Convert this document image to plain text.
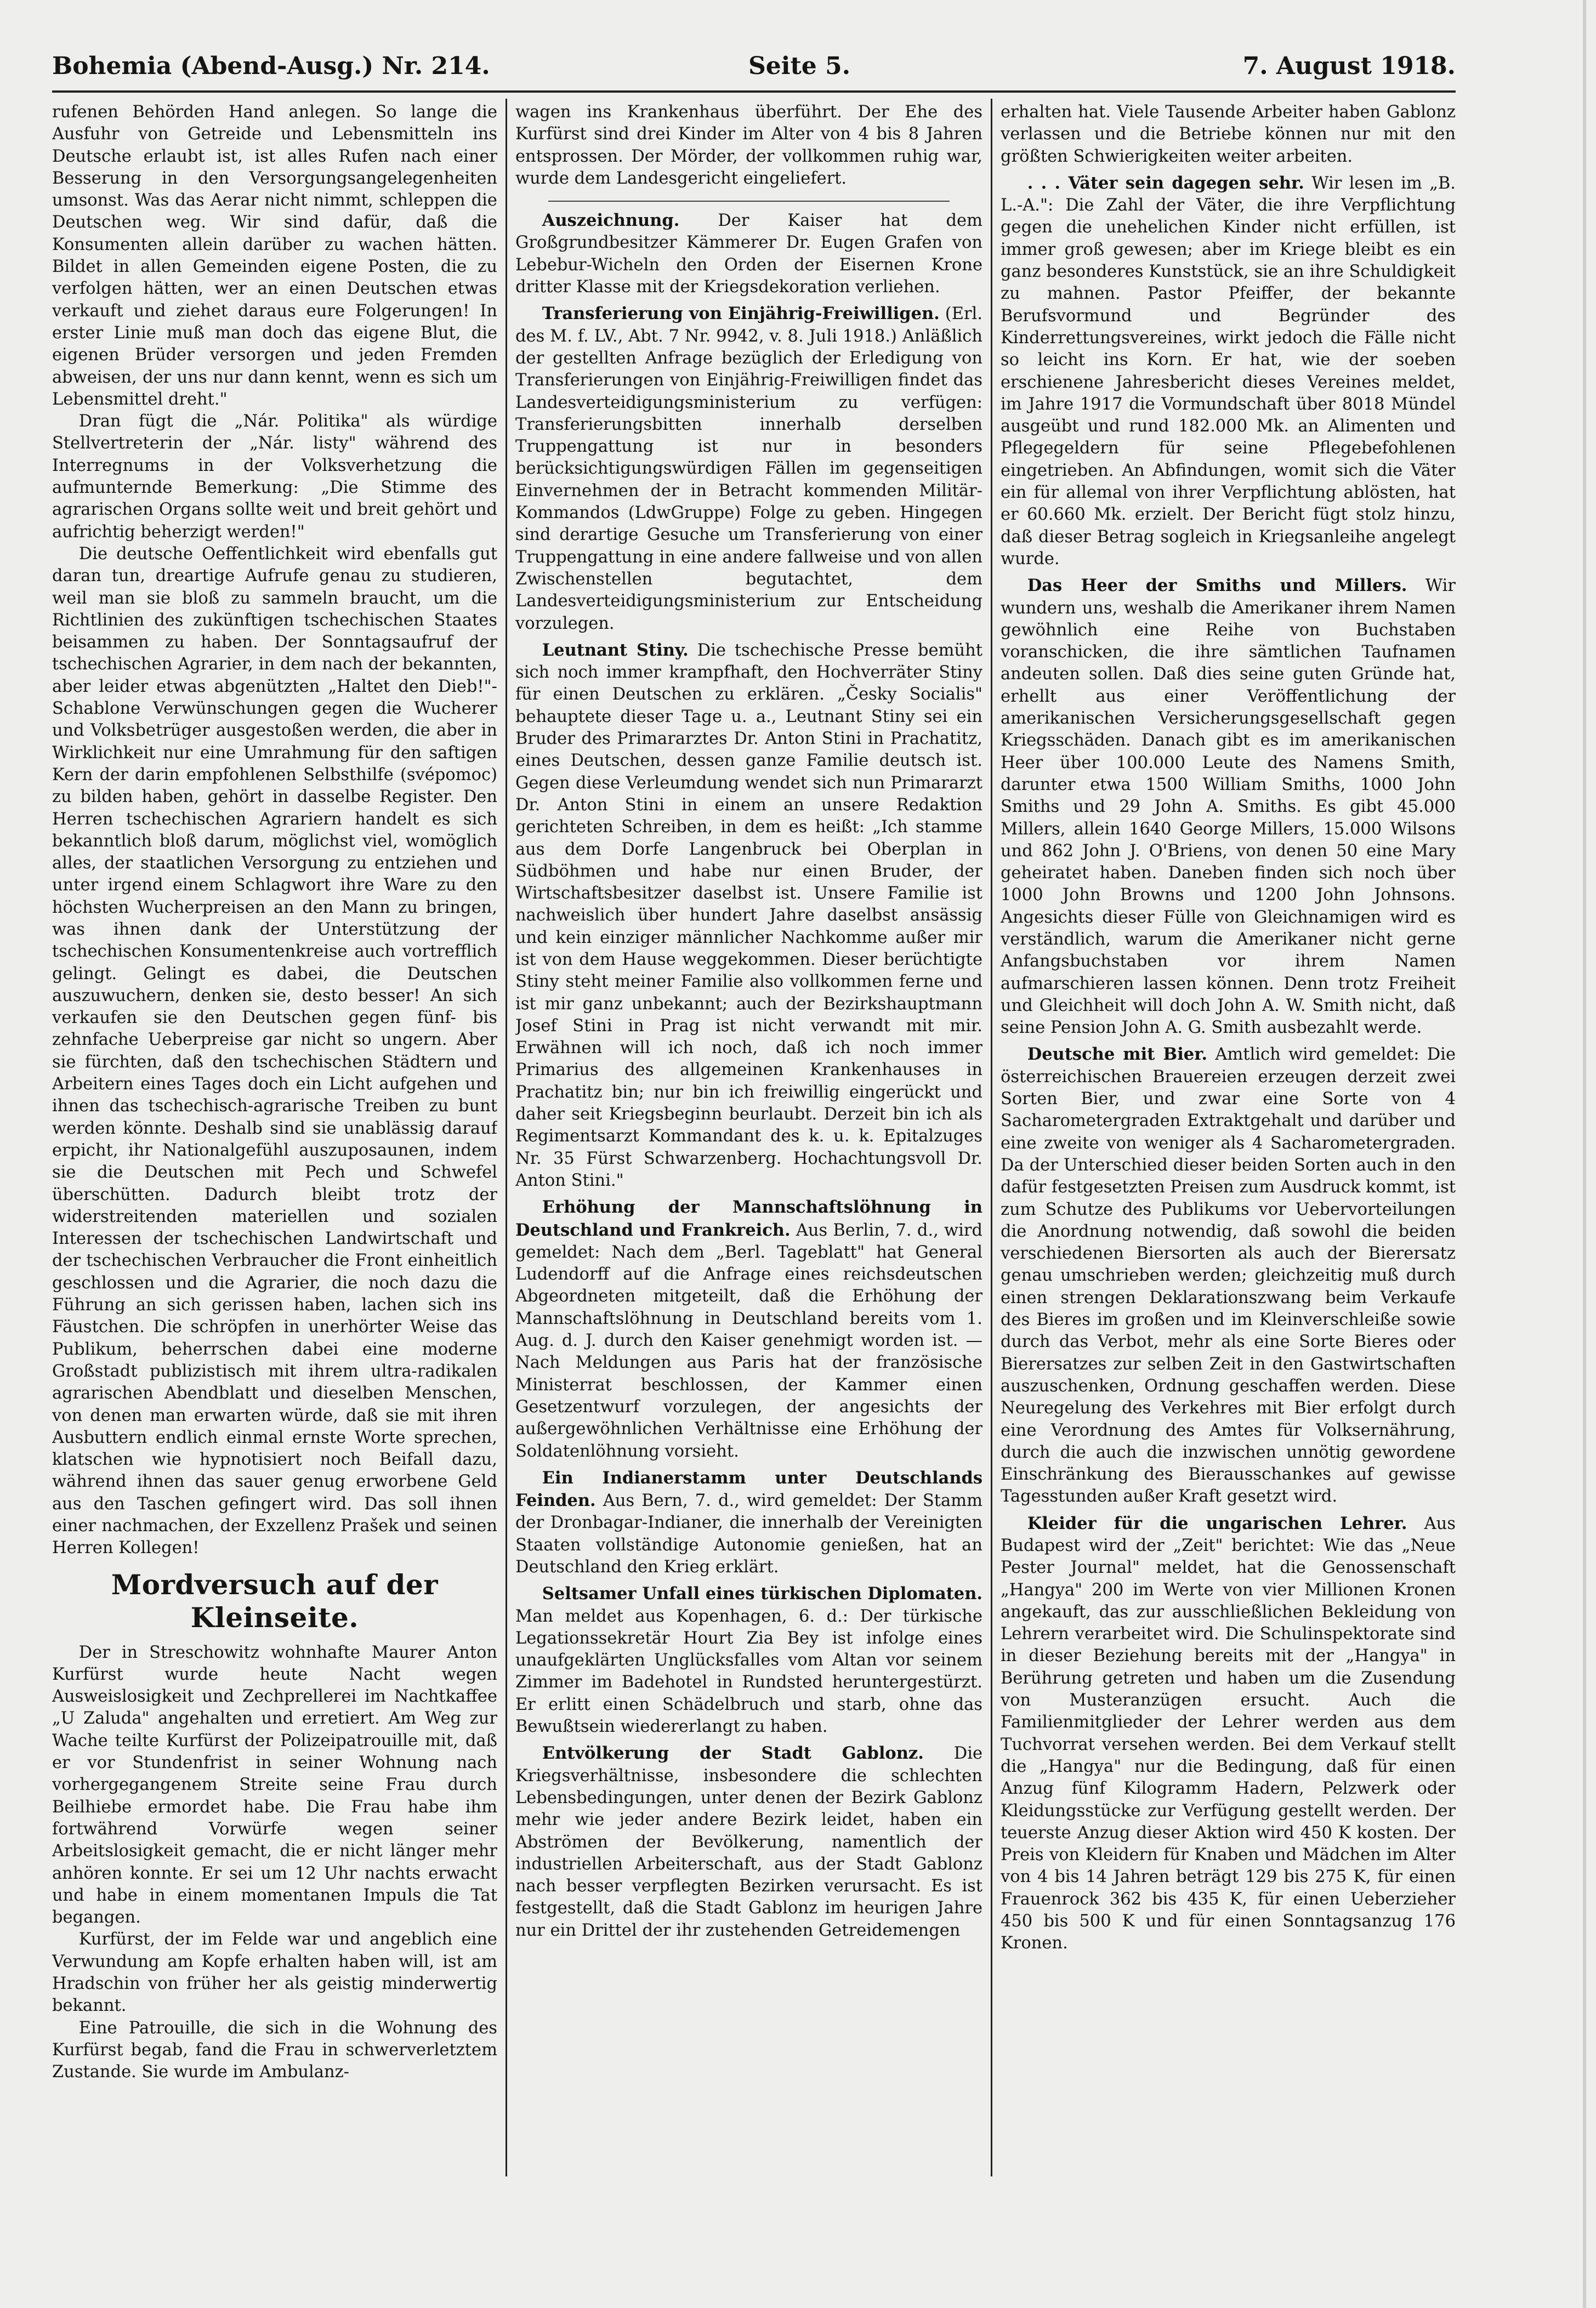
Bohemia (Abend-Ausg.) Nr. 214.	Seite 5.	7. August 1918.

rufenen Behörden Hand anlegen. So lange die Ausfuhr von Getreide und Lebensmitteln ins Deutsche erlaubt ist, ist alles Rufen nach einer Besserung in den Versorgungsangelegenheiten umsonst. Was das Aerar nicht nimmt, schleppen die Deutschen weg. Wir sind dafür, daß die Konsumenten allein darüber zu wachen hätten. Bildet in allen Gemeinden eigene Posten, die zu verfolgen hätten, wer an einen Deutschen etwas verkauft und ziehet daraus eure Folgerungen! In erster Linie muß man doch das eigene Blut, die eigenen Brüder versorgen und jeden Fremden abweisen, der uns nur dann kennt, wenn es sich um Lebensmittel dreht."

Dran fügt die „Nár. Politika" als würdige Stellvertreterin der „Nár. listy" während des Interregnums in der Volksverhetzung die aufmunternde Bemerkung: „Die Stimme des agrarischen Organs sollte weit und breit gehört und aufrichtig beherzigt werden!"

Die deutsche Oeffentlichkeit wird ebenfalls gut daran tun, dreartige Aufrufe genau zu studieren, weil man sie bloß zu sammeln braucht, um die Richtlinien des zukünftigen tschechischen Staates beisammen zu haben. Der Sonntagsaufruf der tschechischen Agrarier, in dem nach der bekannten, aber leider etwas abgenützten „Haltet den Dieb!"-Schablone Verwünschungen gegen die Wucherer und Volksbetrüger ausgestoßen werden, die aber in Wirklichkeit nur eine Umrahmung für den saftigen Kern der darin empfohlenen Selbsthilfe (svépomoc) zu bilden haben, gehört in dasselbe Register. Den Herren tschechischen Agrariern handelt es sich bekanntlich bloß darum, möglichst viel, womöglich alles, der staatlichen Versorgung zu entziehen und unter irgend einem Schlagwort ihre Ware zu den höchsten Wucherpreisen an den Mann zu bringen, was ihnen dank der Unterstützung der tschechischen Konsumentenkreise auch vortrefflich gelingt. Gelingt es dabei, die Deutschen auszuwuchern, denken sie, desto besser! An sich verkaufen sie den Deutschen gegen fünf- bis zehnfache Ueberpreise gar nicht so ungern. Aber sie fürchten, daß den tschechischen Städtern und Arbeitern eines Tages doch ein Licht aufgehen und ihnen das tschechisch-agrarische Treiben zu bunt werden könnte. Deshalb sind sie unablässig darauf erpicht, ihr Nationalgefühl auszuposaunen, indem sie die Deutschen mit Pech und Schwefel überschütten. Dadurch bleibt trotz der widerstreitenden materiellen und sozialen Interessen der tschechischen Landwirtschaft und der tschechischen Verbraucher die Front einheitlich geschlossen und die Agrarier, die noch dazu die Führung an sich gerissen haben, lachen sich ins Fäustchen. Die schröpfen in unerhörter Weise das Publikum, beherrschen dabei eine moderne Großstadt publizistisch mit ihrem ultra-radikalen agrarischen Abendblatt und dieselben Menschen, von denen man erwarten würde, daß sie mit ihren Ausbuttern endlich einmal ernste Worte sprechen, klatschen wie hypnotisiert noch Beifall dazu, während ihnen das sauer genug erworbene Geld aus den Taschen gefingert wird. Das soll ihnen einer nachmachen, der Exzellenz Prašek und seinen Herren Kollegen!

Mordversuch auf der Kleinseite.

Der in Streschowitz wohnhafte Maurer Anton Kurfürst wurde heute Nacht wegen Ausweislosigkeit und Zechprellerei im Nachtkaffee „U Zaluda" angehalten und erretiert. Am Weg zur Wache teilte Kurfürst der Polizeipatrouille mit, daß er vor Stundenfrist in seiner Wohnung nach vorhergegangenem Streite seine Frau durch Beilhiebe ermordet habe. Die Frau habe ihm fortwährend Vorwürfe wegen seiner Arbeitslosigkeit gemacht, die er nicht länger mehr anhören konnte. Er sei um 12 Uhr nachts erwacht und habe in einem momentanen Impuls die Tat begangen.

Kurfürst, der im Felde war und angeblich eine Verwundung am Kopfe erhalten haben will, ist am Hradschin von früher her als geistig minderwertig bekannt.

Eine Patrouille, die sich in die Wohnung des Kurfürst begab, fand die Frau in schwerverletztem Zustande. Sie wurde im Ambulanz-

wagen ins Krankenhaus überführt. Der Ehe des Kurfürst sind drei Kinder im Alter von 4 bis 8 Jahren entsprossen. Der Mörder, der vollkommen ruhig war, wurde dem Landesgericht eingeliefert.

Auszeichnung. Der Kaiser hat dem Großgrundbesitzer Kämmerer Dr. Eugen Grafen von Lebebur-Wicheln den Orden der Eisernen Krone dritter Klasse mit der Kriegsdekoration verliehen.

Transferierung von Einjährig-Freiwilligen. (Erl. des M. f. LV., Abt. 7 Nr. 9942, v. 8. Juli 1918.) Anläßlich der gestellten Anfrage bezüglich der Erledigung von Transferierungen von Einjährig-Freiwilligen findet das Landesverteidigungsministerium zu verfügen: Transferierungsbitten innerhalb derselben Truppengattung ist nur in besonders berücksichtigungswürdigen Fällen im gegenseitigen Einvernehmen der in Betracht kommenden Militär-Kommandos (LdwGruppe) Folge zu geben. Hingegen sind derartige Gesuche um Transferierung von einer Truppengattung in eine andere fallweise und von allen Zwischenstellen begutachtet, dem Landesverteidigungsministerium zur Entscheidung vorzulegen.

Leutnant Stiny. Die tschechische Presse bemüht sich noch immer krampfhaft, den Hochverräter Stiny für einen Deutschen zu erklären. „Česky Socialis" behauptete dieser Tage u. a., Leutnant Stiny sei ein Bruder des Primararztes Dr. Anton Stini in Prachatitz, eines Deutschen, dessen ganze Familie deutsch ist. Gegen diese Verleumdung wendet sich nun Primararzt Dr. Anton Stini in einem an unsere Redaktion gerichteten Schreiben, in dem es heißt: „Ich stamme aus dem Dorfe Langenbruck bei Oberplan in Südböhmen und habe nur einen Bruder, der Wirtschaftsbesitzer daselbst ist. Unsere Familie ist nachweislich über hundert Jahre daselbst ansässig und kein einziger männlicher Nachkomme außer mir ist von dem Hause weggekommen. Dieser berüchtigte Stiny steht meiner Familie also vollkommen ferne und ist mir ganz unbekannt; auch der Bezirkshauptmann Josef Stini in Prag ist nicht verwandt mit mir. Erwähnen will ich noch, daß ich noch immer Primarius des allgemeinen Krankenhauses in Prachatitz bin; nur bin ich freiwillig eingerückt und daher seit Kriegsbeginn beurlaubt. Derzeit bin ich als Regimentsarzt Kommandant des k. u. k. Epitalzuges Nr. 35 Fürst Schwarzenberg. Hochachtungsvoll Dr. Anton Stini."

Erhöhung der Mannschaftslöhnung in Deutschland und Frankreich. Aus Berlin, 7. d., wird gemeldet: Nach dem „Berl. Tageblatt" hat General Ludendorff auf die Anfrage eines reichsdeutschen Abgeordneten mitgeteilt, daß die Erhöhung der Mannschaftslöhnung in Deutschland bereits vom 1. Aug. d. J. durch den Kaiser genehmigt worden ist. — Nach Meldungen aus Paris hat der französische Ministerrat beschlossen, der Kammer einen Gesetzentwurf vorzulegen, der angesichts der außergewöhnlichen Verhältnisse eine Erhöhung der Soldatenlöhnung vorsieht.

Ein Indianerstamm unter Deutschlands Feinden. Aus Bern, 7. d., wird gemeldet: Der Stamm der Dronbagar-Indianer, die innerhalb der Vereinigten Staaten vollständige Autonomie genießen, hat an Deutschland den Krieg erklärt.

Seltsamer Unfall eines türkischen Diplomaten. Man meldet aus Kopenhagen, 6. d.: Der türkische Legationssekretär Hourt Zia Bey ist infolge eines unaufgeklärten Unglücksfalles vom Altan vor seinem Zimmer im Badehotel in Rundsted heruntergestürzt. Er erlitt einen Schädelbruch und starb, ohne das Bewußtsein wiedererlangt zu haben.

Entvölkerung der Stadt Gablonz. Die Kriegsverhältnisse, insbesondere die schlechten Lebensbedingungen, unter denen der Bezirk Gablonz mehr wie jeder andere Bezirk leidet, haben ein Abströmen der Bevölkerung, namentlich der industriellen Arbeiterschaft, aus der Stadt Gablonz nach besser verpflegten Bezirken verursacht. Es ist festgestellt, daß die Stadt Gablonz im heurigen Jahre nur ein Drittel der ihr zustehenden Getreidemengen

erhalten hat. Viele Tausende Arbeiter haben Gablonz verlassen und die Betriebe können nur mit den größten Schwierigkeiten weiter arbeiten.

. . . Väter sein dagegen sehr. Wir lesen im „B. L.-A.": Die Zahl der Väter, die ihre Verpflichtung gegen die unehelichen Kinder nicht erfüllen, ist immer groß gewesen; aber im Kriege bleibt es ein ganz besonderes Kunststück, sie an ihre Schuldigkeit zu mahnen. Pastor Pfeiffer, der bekannte Berufsvormund und Begründer des Kinderrettungsvereines, wirkt jedoch die Fälle nicht so leicht ins Korn. Er hat, wie der soeben erschienene Jahresbericht dieses Vereines meldet, im Jahre 1917 die Vormundschaft über 8018 Mündel ausgeübt und rund 182.000 Mk. an Alimenten und Pflegegeldern für seine Pflegebefohlenen eingetrieben. An Abfindungen, womit sich die Väter ein für allemal von ihrer Verpflichtung ablösten, hat er 60.660 Mk. erzielt. Der Bericht fügt stolz hinzu, daß dieser Betrag sogleich in Kriegsanleihe angelegt wurde.

Das Heer der Smiths und Millers. Wir wundern uns, weshalb die Amerikaner ihrem Namen gewöhnlich eine Reihe von Buchstaben voranschicken, die ihre sämtlichen Taufnamen andeuten sollen. Daß dies seine guten Gründe hat, erhellt aus einer Veröffentlichung der amerikanischen Versicherungsgesellschaft gegen Kriegsschäden. Danach gibt es im amerikanischen Heer über 100.000 Leute des Namens Smith, darunter etwa 1500 William Smiths, 1000 John Smiths und 29 John A. Smiths. Es gibt 45.000 Millers, allein 1640 George Millers, 15.000 Wilsons und 862 John J. O'Briens, von denen 50 eine Mary geheiratet haben. Daneben finden sich noch über 1000 John Browns und 1200 John Johnsons. Angesichts dieser Fülle von Gleichnamigen wird es verständlich, warum die Amerikaner nicht gerne Anfangsbuchstaben vor ihrem Namen aufmarschieren lassen können. Denn trotz Freiheit und Gleichheit will doch John A. W. Smith nicht, daß seine Pension John A. G. Smith ausbezahlt werde.

Deutsche mit Bier. Amtlich wird gemeldet: Die österreichischen Brauereien erzeugen derzeit zwei Sorten Bier, und zwar eine Sorte von 4 Sacharometergraden Extraktgehalt und darüber und eine zweite von weniger als 4 Sacharometergraden. Da der Unterschied dieser beiden Sorten auch in den dafür festgesetzten Preisen zum Ausdruck kommt, ist zum Schutze des Publikums vor Uebervorteilungen die Anordnung notwendig, daß sowohl die beiden verschiedenen Biersorten als auch der Bierersatz genau umschrieben werden; gleichzeitig muß durch einen strengen Deklarationszwang beim Verkaufe des Bieres im großen und im Kleinverschleiße sowie durch das Verbot, mehr als eine Sorte Bieres oder Bierersatzes zur selben Zeit in den Gastwirtschaften auszuschenken, Ordnung geschaffen werden. Diese Neuregelung des Verkehres mit Bier erfolgt durch eine Verordnung des Amtes für Volksernährung, durch die auch die inzwischen unnötig gewordene Einschränkung des Bierausschankes auf gewisse Tagesstunden außer Kraft gesetzt wird.

Kleider für die ungarischen Lehrer. Aus Budapest wird der „Zeit" berichtet: Wie das „Neue Pester Journal" meldet, hat die Genossenschaft „Hangya" 200 im Werte von vier Millionen Kronen angekauft, das zur ausschließlichen Bekleidung von Lehrern verarbeitet wird. Die Schulinspektorate sind in dieser Beziehung bereits mit der „Hangya" in Berührung getreten und haben um die Zusendung von Musteranzügen ersucht. Auch die Familienmitglieder der Lehrer werden aus dem Tuchvorrat versehen werden. Bei dem Verkauf stellt die „Hangya" nur die Bedingung, daß für einen Anzug fünf Kilogramm Hadern, Pelzwerk oder Kleidungsstücke zur Verfügung gestellt werden. Der teuerste Anzug dieser Aktion wird 450 K kosten. Der Preis von Kleidern für Knaben und Mädchen im Alter von 4 bis 14 Jahren beträgt 129 bis 275 K, für einen Frauenrock 362 bis 435 K, für einen Ueberzieher 450 bis 500 K und für einen Sonntagsanzug 176 Kronen.
